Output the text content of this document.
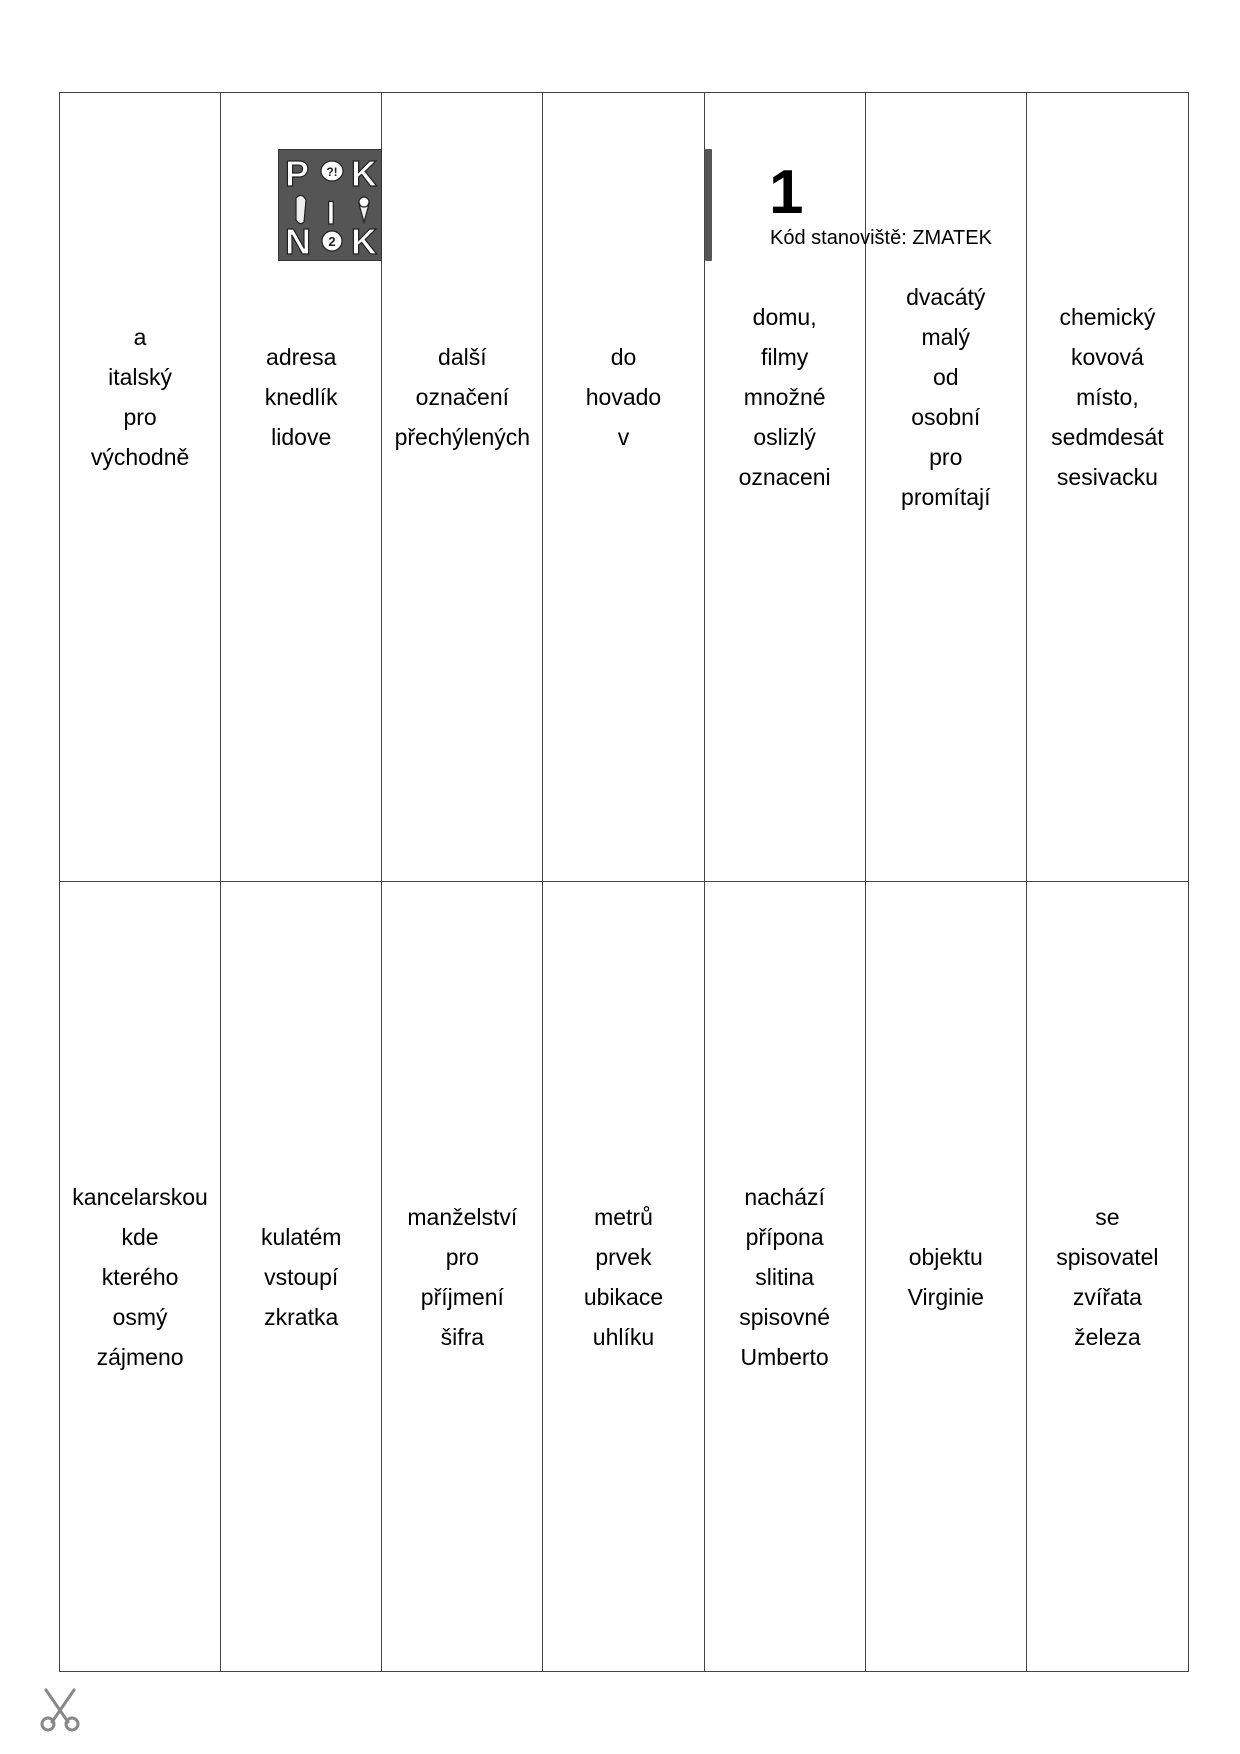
a
italský
pro
východně
adresa
knedlík
lidove
další
označení
přechýlených
do
hovado
v
domu,
filmy
množné
oslizlý
oznaceni
dvacátý
malý
od
osobní
pro
promítají
chemický
kovová
místo,
sedmdesát
sesivacku
kancelarskou
kde
kterého
osmý
zájmeno
kulatém
vstoupí
zkratka
manželství
pro
příjmení
šifra
metrů
prvek
ubikace
uhlíku
nachází
přípona
slitina
spisovné
Umberto
objektu
Virginie
se
spisovatel
zvířata
železa
P ?! K
I
N 2 K
1
Kód stanoviště: ZMATEK
